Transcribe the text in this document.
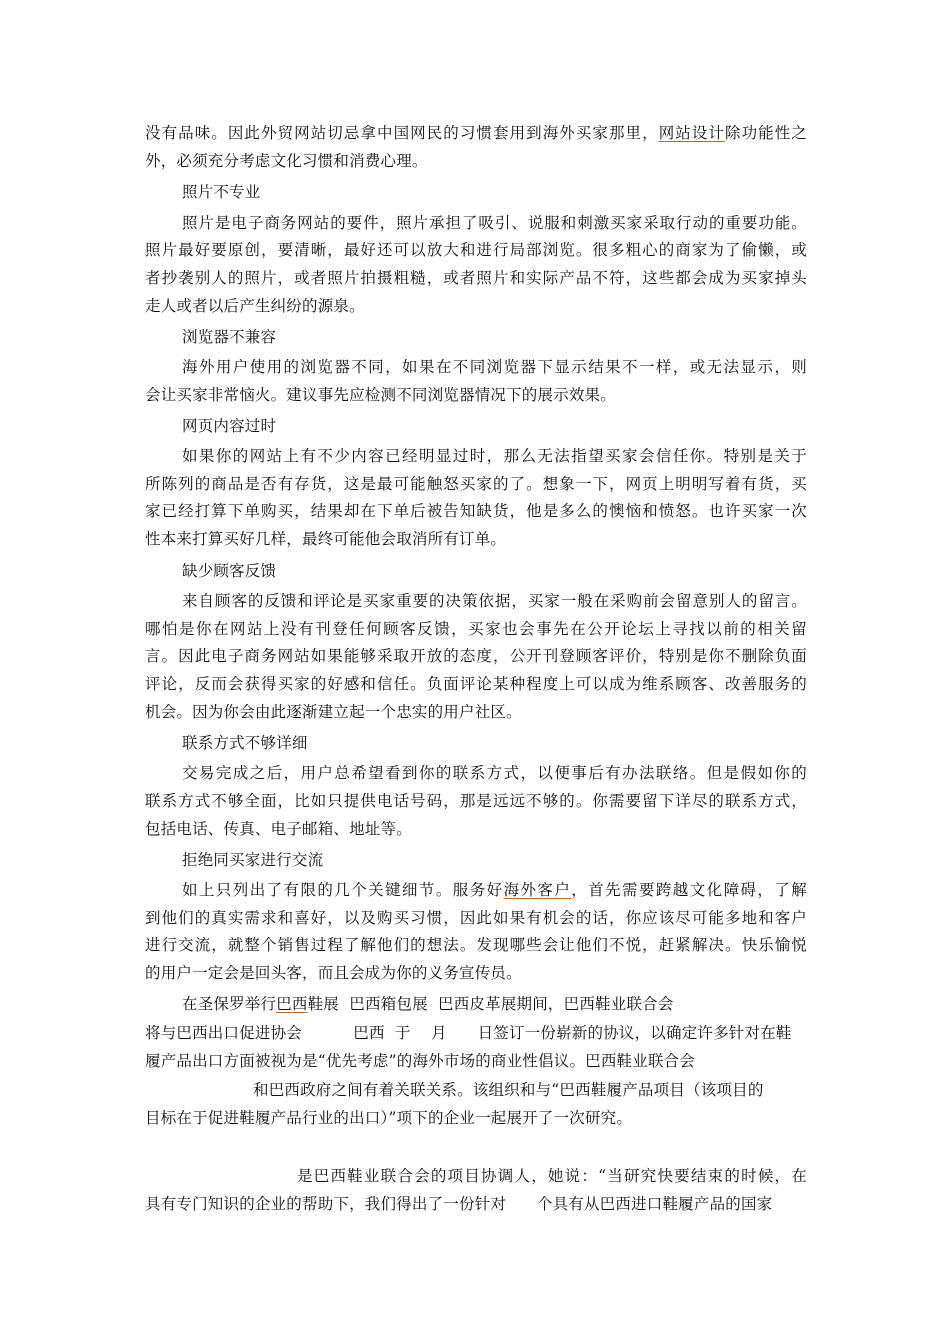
没有品味。因此外贸网站切忌拿中国网民的习惯套用到海外买家那里，网站设计除功能性之
外，必须充分考虑文化习惯和消费心理。
照片不专业
照片是电子商务网站的要件，照片承担了吸引、说服和刺激买家采取行动的重要功能。
照片最好要原创，要清晰，最好还可以放大和进行局部浏览。很多粗心的商家为了偷懒，或
者抄袭别人的照片，或者照片拍摄粗糙，或者照片和实际产品不符，这些都会成为买家掉头
走人或者以后产生纠纷的源泉。
浏览器不兼容
海外用户使用的浏览器不同，如果在不同浏览器下显示结果不一样，或无法显示，则
会让买家非常恼火。建议事先应检测不同浏览器情况下的展示效果。
网页内容过时
如果你的网站上有不少内容已经明显过时，那么无法指望买家会信任你。特别是关于
所陈列的商品是否有存货，这是最可能触怒买家的了。想象一下，网页上明明写着有货，买
家已经打算下单购买，结果却在下单后被告知缺货，他是多么的懊恼和愤怒。也许买家一次
性本来打算买好几样，最终可能他会取消所有订单。
缺少顾客反馈
来自顾客的反馈和评论是买家重要的决策依据，买家一般在采购前会留意别人的留言。
哪怕是你在网站上没有刊登任何顾客反馈，买家也会事先在公开论坛上寻找以前的相关留
言。因此电子商务网站如果能够采取开放的态度，公开刊登顾客评价，特别是你不删除负面
评论，反而会获得买家的好感和信任。负面评论某种程度上可以成为维系顾客、改善服务的
机会。因为你会由此逐渐建立起一个忠实的用户社区。
联系方式不够详细
交易完成之后，用户总希望看到你的联系方式，以便事后有办法联络。但是假如你的
联系方式不够全面，比如只提供电话号码，那是远远不够的。你需要留下详尽的联系方式，
包括电话、传真、电子邮箱、地址等。
拒绝同买家进行交流
如上只列出了有限的几个关键细节。服务好海外客户，首先需要跨越文化障碍，了解
到他们的真实需求和喜好，以及购买习惯，因此如果有机会的话，你应该尽可能多地和客户
进行交流，就整个销售过程了解他们的想法。发现哪些会让他们不悦，赶紧解决。快乐愉悦
的用户一定会是回头客，而且会成为你的义务宣传员。
在圣保罗举行巴西鞋展  巴西箱包展  巴西皮革展期间，巴西鞋业联合会
将与巴西出口促进协会          巴西  于    月      日签订一份崭新的协议，以确定许多针对在鞋
履产品出口方面被视为是“优先考虑”的海外市场的商业性倡议。巴西鞋业联合会
和巴西政府之间有着关联关系。该组织和与“巴西鞋履产品项目（该项目的
目标在于促进鞋履产品行业的出口）”项下的企业一起展开了一次研究。
是巴西鞋业联合会的项目协调人，她说：“当研究快要结束的时候，在
具有专门知识的企业的帮助下，我们得出了一份针对      个具有从巴西进口鞋履产品的国家
